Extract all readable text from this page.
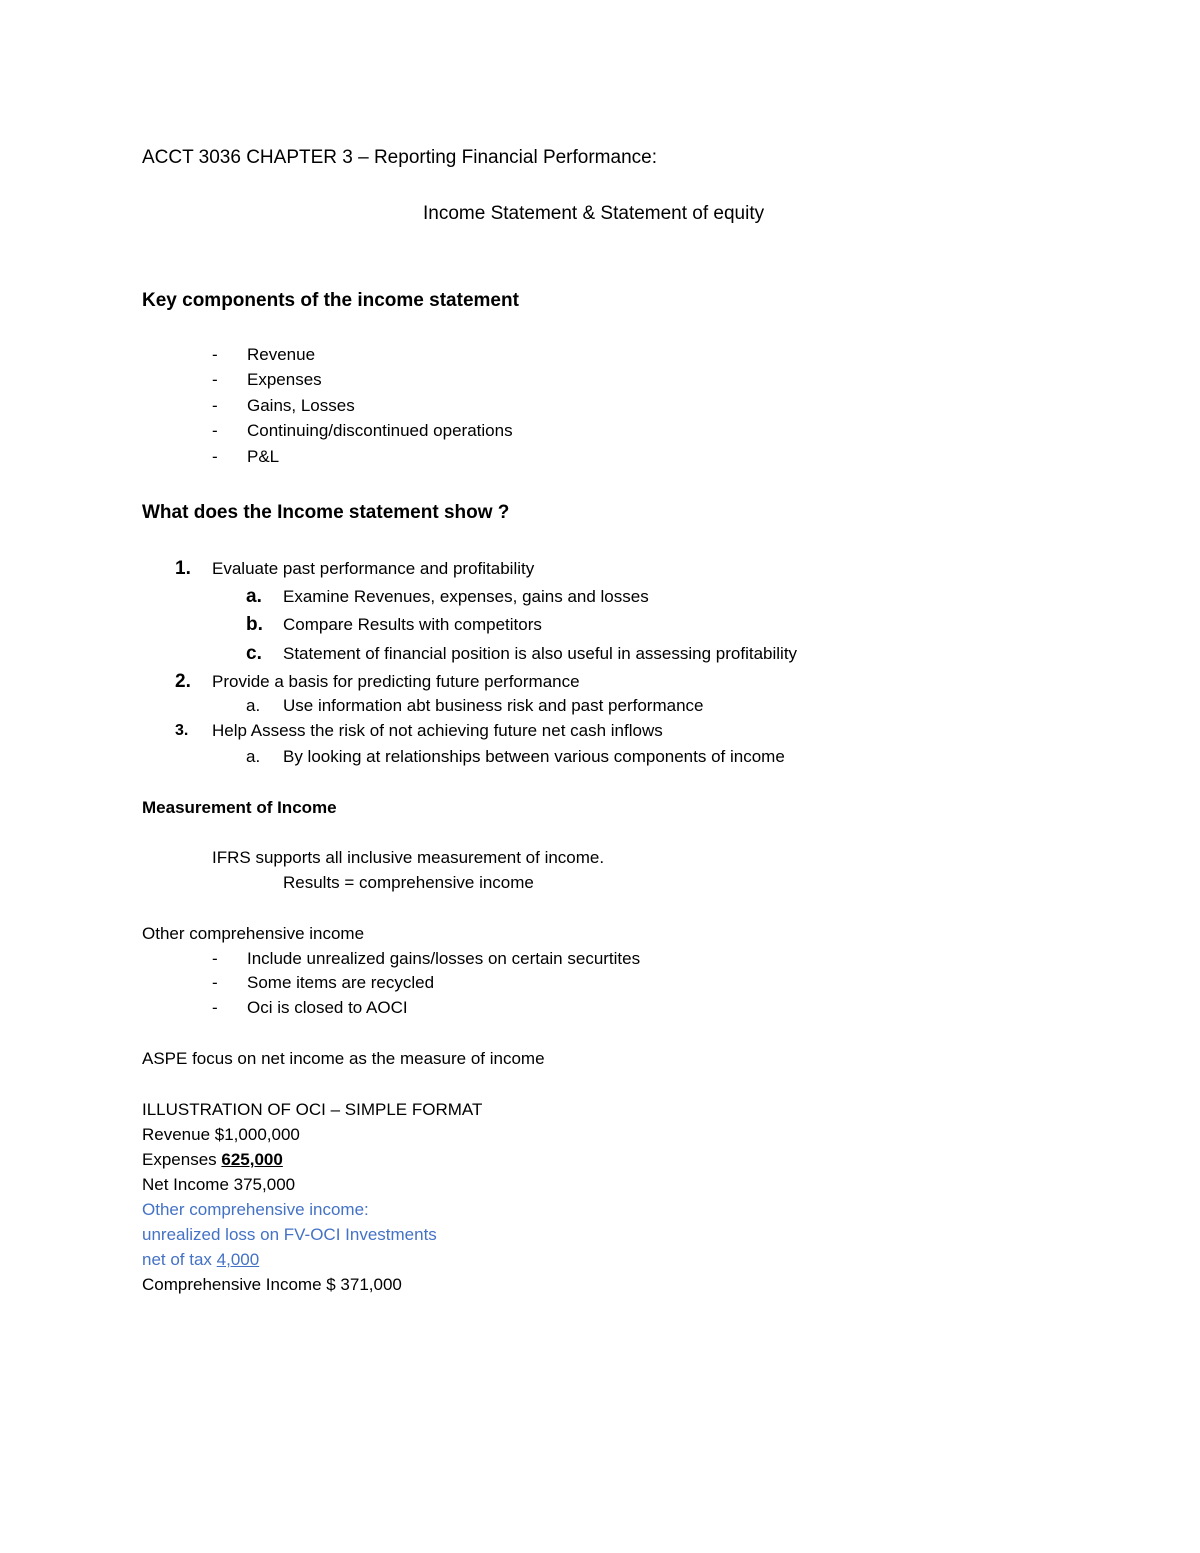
ACCT 3036 CHAPTER 3 – Reporting Financial Performance:
Income Statement & Statement of equity
Key components of the income statement
-	Revenue
-	Expenses
-	Gains, Losses
-	Continuing/discontinued operations
-	P&L
What does the Income statement show ?
1. Evaluate past performance and profitability
a. Examine Revenues, expenses, gains and losses
b. Compare Results with competitors
c. Statement of financial position is also useful in assessing profitability
2. Provide a basis for predicting future performance
a. Use information abt business risk and past performance
3. Help Assess the risk of not achieving future net cash inflows
a. By looking at relationships between various components of income
Measurement of Income
IFRS supports all inclusive measurement of income.
Results = comprehensive income
Other comprehensive income
-	Include unrealized gains/losses on certain securtites
-	Some items are recycled
-	Oci is closed to AOCI
ASPE focus on net income as the measure of income
ILLUSTRATION OF OCI – SIMPLE FORMAT
Revenue $1,000,000
Expenses 625,000
Net Income 375,000
Other comprehensive income:
unrealized loss on FV-OCI Investments
net of tax 4,000
Comprehensive Income $ 371,000
